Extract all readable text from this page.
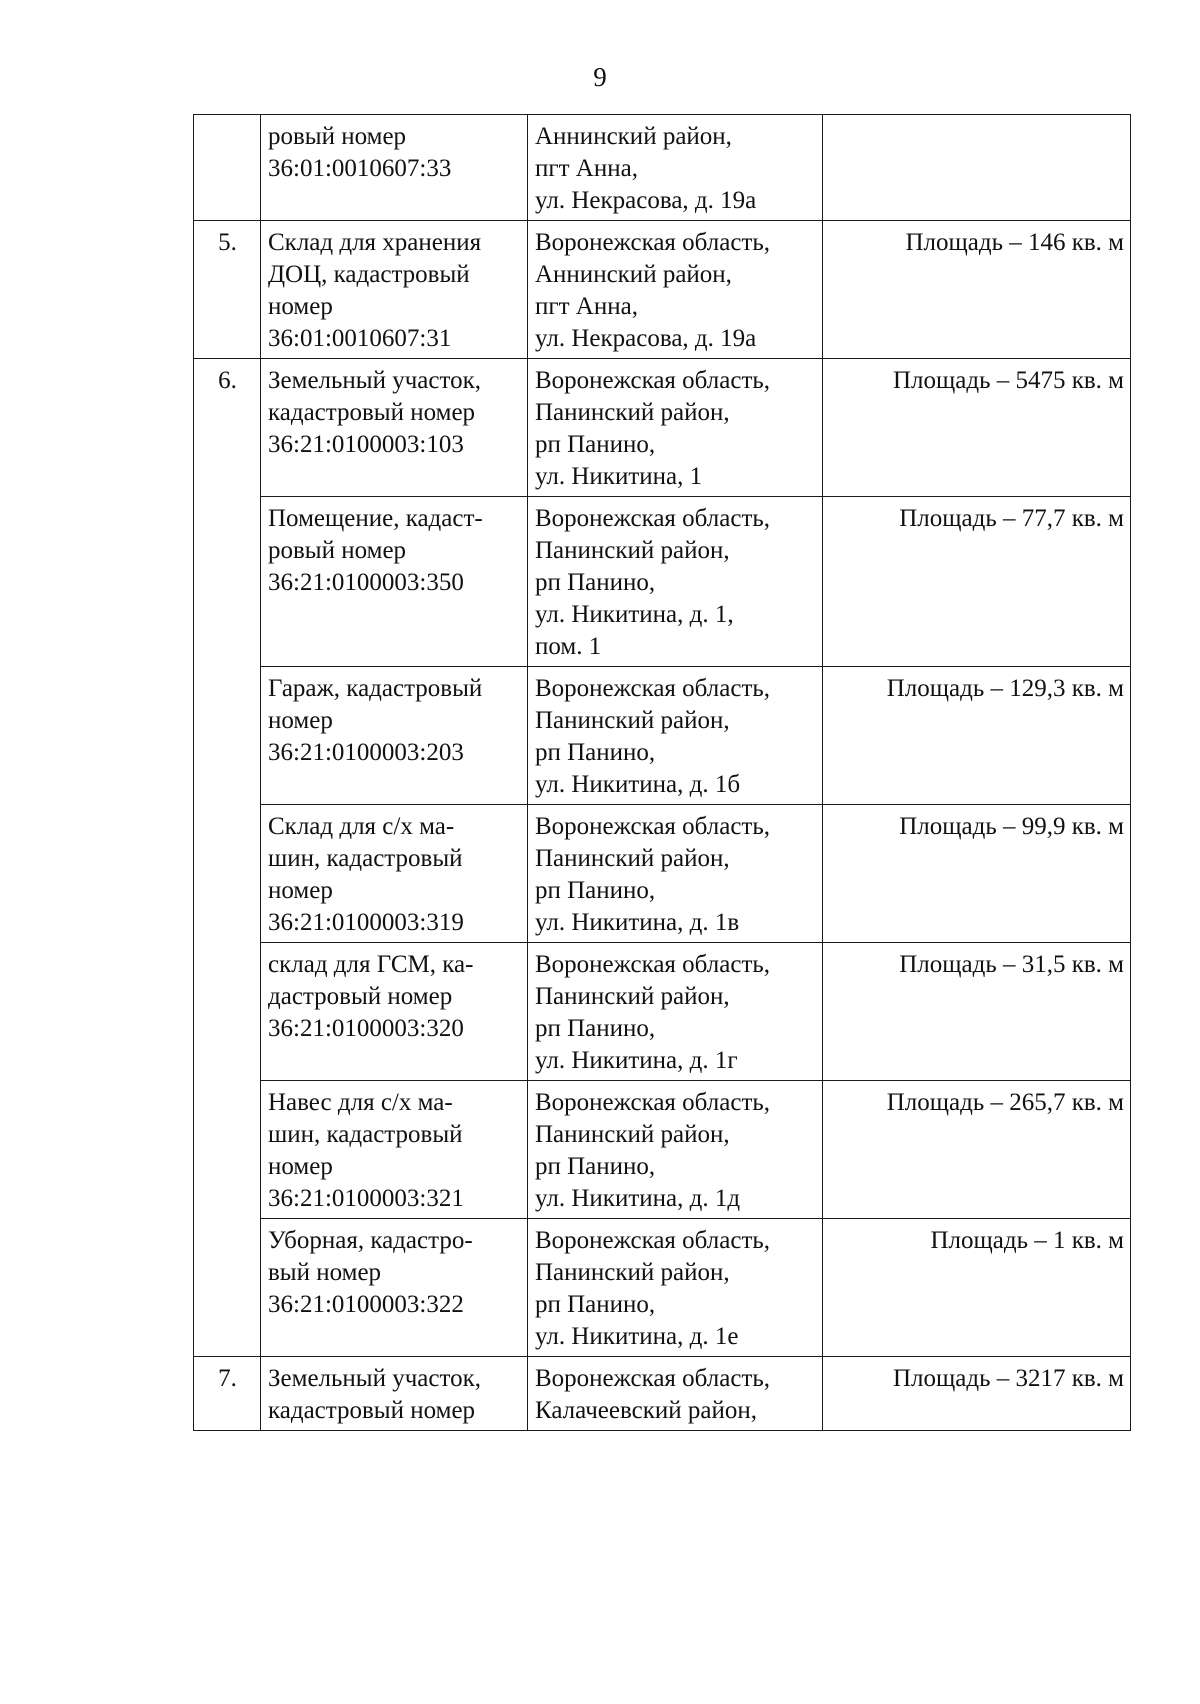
9
	ровый номер
36:01:0010607:33	Аннинский район,
пгт Анна,
ул. Некрасова, д. 19а	
5.	Склад для хранения
ДОЦ, кадастровый
номер
36:01:0010607:31	Воронежская область,
Аннинский район,
пгт Анна,
ул. Некрасова, д. 19а	Площадь – 146 кв. м
6.	Земельный участок,
кадастровый номер
36:21:0100003:103	Воронежская область,
Панинский район,
рп Панино,
ул. Никитина, 1	Площадь – 5475 кв. м
	Помещение, кадаст-
ровый номер
36:21:0100003:350	Воронежская область,
Панинский район,
рп Панино,
ул. Никитина, д. 1,
пом. 1	Площадь – 77,7 кв. м
	Гараж, кадастровый
номер
36:21:0100003:203	Воронежская область,
Панинский район,
рп Панино,
ул. Никитина, д. 1б	Площадь – 129,3 кв. м
	Склад для с/х ма-
шин, кадастровый
номер
36:21:0100003:319	Воронежская область,
Панинский район,
рп Панино,
ул. Никитина, д. 1в	Площадь – 99,9 кв. м
	склад для ГСМ, ка-
дастровый номер
36:21:0100003:320	Воронежская область,
Панинский район,
рп Панино,
ул. Никитина, д. 1г	Площадь – 31,5 кв. м
	Навес для с/х ма-
шин, кадастровый
номер
36:21:0100003:321	Воронежская область,
Панинский район,
рп Панино,
ул. Никитина, д. 1д	Площадь – 265,7 кв. м
	Уборная, кадастро-
вый номер
36:21:0100003:322	Воронежская область,
Панинский район,
рп Панино,
ул. Никитина, д. 1е	Площадь – 1 кв. м
7.	Земельный участок,
кадастровый номер	Воронежская область,
Калачеевский район,	Площадь – 3217 кв. м
